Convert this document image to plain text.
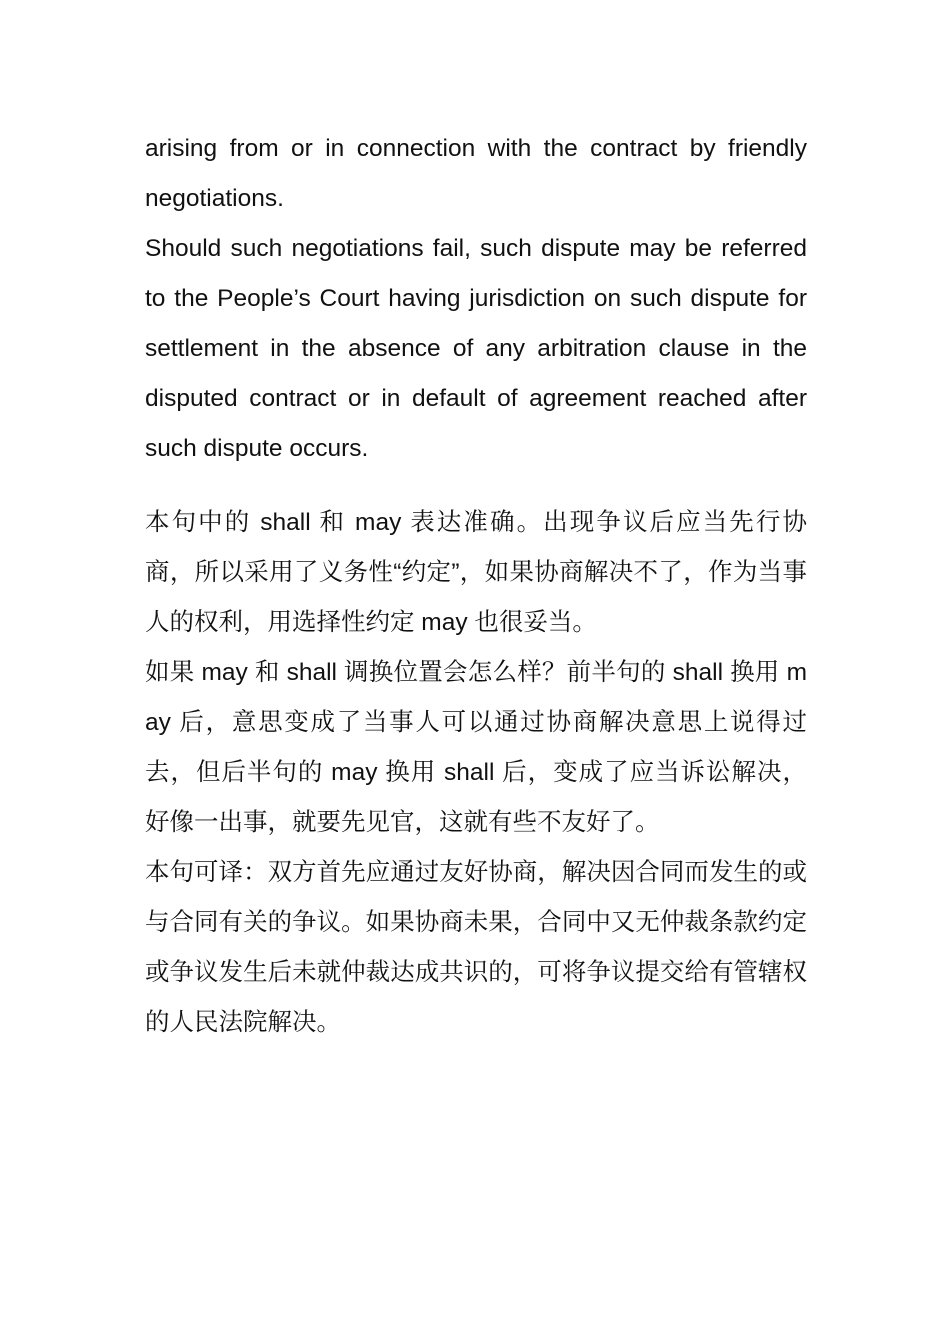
arising from or in connection with the contract by friendly negotiations.

Should such negotiations fail, such dispute may be referred to the People’s Court having jurisdiction on such dispute for settlement in the absence of any arbitration clause in the disputed contract or in default of agreement reached after such dispute occurs.

本句中的 shall 和 may 表达准确。出现争议后应当先行协商，所以采用了义务性“约定”，如果协商解决不了，作为当事人的权利，用选择性约定 may 也很妥当。

如果 may 和 shall 调换位置会怎么样？前半句的 shall 换用 may 后，意思变成了当事人可以通过协商解决意思上说得过去，但后半句的 may 换用 shall 后，变成了应当诉讼解决，好像一出事，就要先见官，这就有些不友好了。

本句可译：双方首先应通过友好协商，解决因合同而发生的或与合同有关的争议。如果协商未果，合同中又无仲裁条款约定或争议发生后未就仲裁达成共识的，可将争议提交给有管辖权的人民法院解决。
